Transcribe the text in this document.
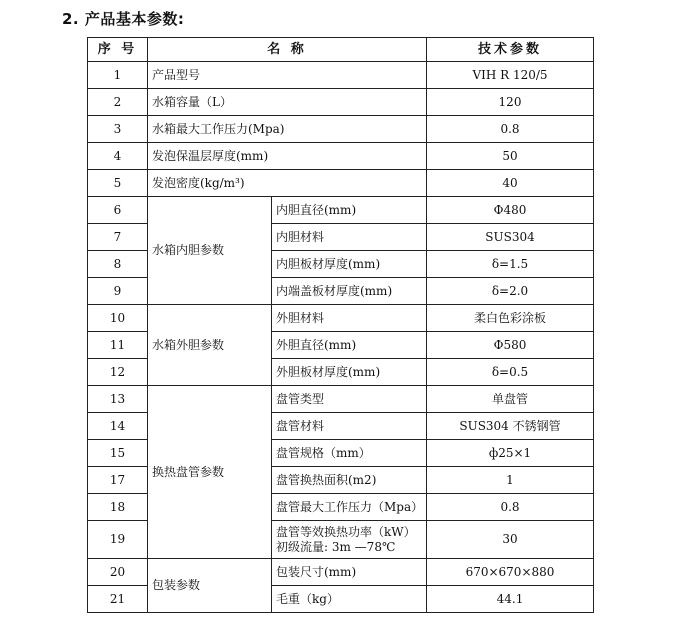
2. 产品基本参数:
序 号	名 称		技术参数
1	产品型号		VIH R 120/5
2	水箱容量（L）		120
3	水箱最大工作压力(Mpa)		0.8
4	发泡保温层厚度(mm)		50
5	发泡密度(kg/m³)		40
6	水箱内胆参数	内胆直径(mm)	Φ480
7		内胆材料	SUS304
8		内胆板材厚度(mm)	δ=1.5
9		内端盖板材厚度(mm)	δ=2.0
10	水箱外胆参数	外胆材料	柔白色彩涂板
11		外胆直径(mm)	Φ580
12		外胆板材厚度(mm)	δ=0.5
13	换热盘管参数	盘管类型	单盘管
14		盘管材料	SUS304 不锈钢管
15		盘管规格（mm）	ф25×1
17		盘管换热面积(m2)	1
18		盘管最大工作压力（Mpa）	0.8
19		盘管等效换热功率（kW）
初级流量: 3m —78℃	30
20	包装参数	包装尺寸(mm)	670×670×880
21		毛重（kg）	44.1
